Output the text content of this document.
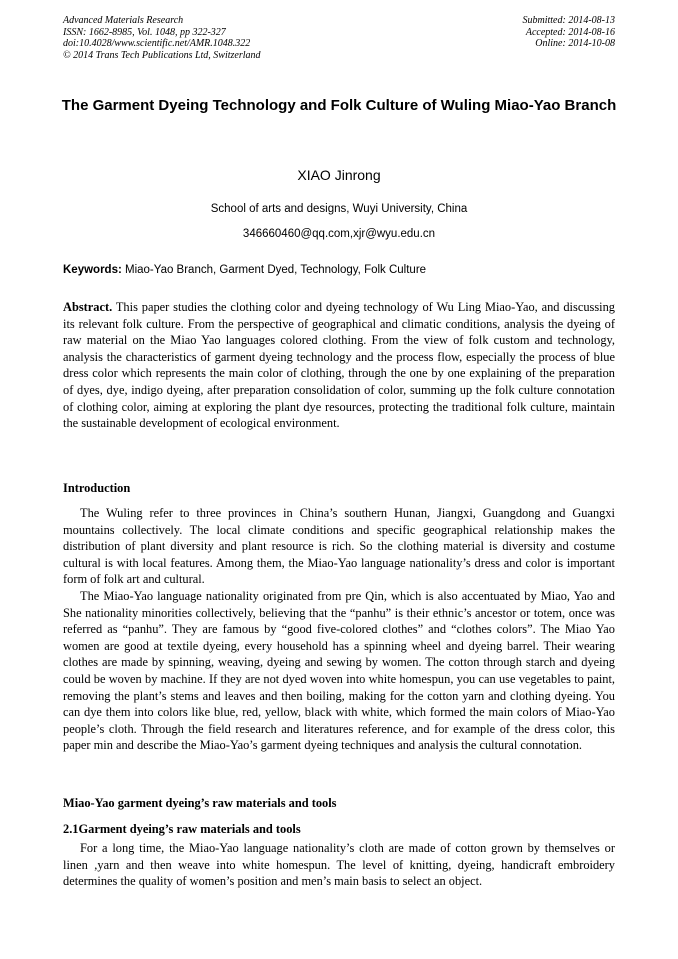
Advanced Materials Research
ISSN: 1662-8985, Vol. 1048, pp 322-327
doi:10.4028/www.scientific.net/AMR.1048.322
© 2014 Trans Tech Publications Ltd, Switzerland
Submitted: 2014-08-13
Accepted: 2014-08-16
Online: 2014-10-08
The Garment Dyeing Technology and Folk Culture of Wuling Miao-Yao Branch
XIAO Jinrong
School of arts and designs, Wuyi University, China
346660460@qq.com,xjr@wyu.edu.cn
Keywords: Miao-Yao Branch, Garment Dyed, Technology, Folk Culture
Abstract. This paper studies the clothing color and dyeing technology of Wu Ling Miao-Yao, and discussing its relevant folk culture. From the perspective of geographical and climatic conditions, analysis the dyeing of raw material on the Miao Yao languages colored clothing. From the view of folk custom and technology, analysis the characteristics of garment dyeing technology and the process flow, especially the process of blue dress color which represents the main color of clothing, through the one by one explaining of the preparation of dyes, dye, indigo dyeing, after preparation consolidation of color, summing up the folk culture connotation of clothing color, aiming at exploring the plant dye resources, protecting the traditional folk culture, maintain the sustainable development of ecological environment.
Introduction

The Wuling refer to three provinces in China’s southern Hunan, Jiangxi, Guangdong and Guangxi mountains collectively. The local climate conditions and specific geographical relationship makes the distribution of plant diversity and plant resource is rich. So the clothing material is diversity and costume cultural is with local features. Among them, the Miao-Yao language nationality’s dress and color is important form of folk art and cultural.

The Miao-Yao language nationality originated from pre Qin, which is also accentuated by Miao, Yao and She nationality minorities collectively, believing that the “panhu” is their ethnic’s ancestor or totem, once was referred as “panhu”. They are famous by “good five-colored clothes” and “clothes colors”. The Miao Yao women are good at textile dyeing, every household has a spinning wheel and dyeing barrel. Their wearing clothes are made by spinning, weaving, dyeing and sewing by women. The cotton through starch and dyeing could be woven by machine. If they are not dyed woven into white homespun, you can use vegetables to paint, removing the plant’s stems and leaves and then boiling, making for the cotton yarn and clothing dyeing. You can dye them into colors like blue, red, yellow, black with white, which formed the main colors of Miao-Yao people’s cloth. Through the field research and literatures reference, and for example of the dress color, this paper min and describe the Miao-Yao’s garment dyeing techniques and analysis the cultural connotation.

Miao-Yao garment dyeing’s raw materials and tools
2.1Garment dyeing’s raw materials and tools

For a long time, the Miao-Yao language nationality’s cloth are made of cotton grown by themselves or linen ,yarn and then weave into white homespun. The level of knitting, dyeing, handicraft embroidery determines the quality of women’s position and men’s main basis to select an object.
